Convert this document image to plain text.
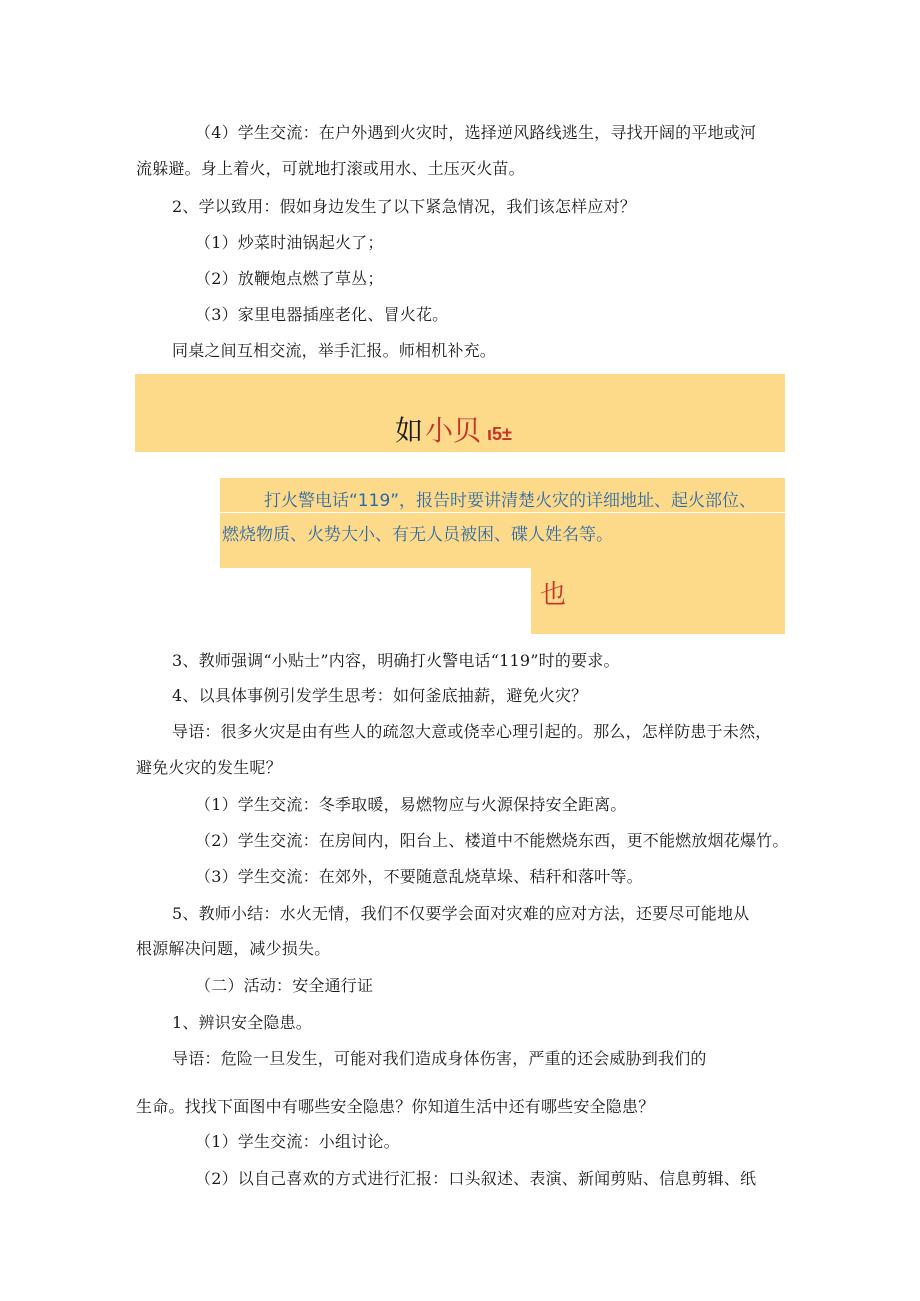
（4）学生交流：在户外遇到火灾时，选择逆风路线逃生，寻找开阔的平地或河
流躲避。身上着火，可就地打滚或用水、土压灭火苗。
2、学以致用：假如身边发生了以下紧急情况，我们该怎样应对？
（1）炒菜时油锅起火了；
（2）放鞭炮点燃了草丛；
（3）家里电器插座老化、冒火花。
同桌之间互相交流，举手汇报。师相机补充。
如小贝 ι5±
打火警电话“119”，报告时要讲清楚火灾的详细地址、起火部位、
燃烧物质、火势大小、有无人员被困、碟人姓名等。
也
3、教师强调“小贴士”内容，明确打火警电话“119”时的要求。
4、以具体事例引发学生思考：如何釜底抽薪，避免火灾？
导语：很多火灾是由有些人的疏忽大意或侥幸心理引起的。那么，怎样防患于未然，
避免火灾的发生呢？
（1）学生交流：冬季取暖，易燃物应与火源保持安全距离。
（2）学生交流：在房间内，阳台上、楼道中不能燃烧东西，更不能燃放烟花爆竹。
（3）学生交流：在郊外，不要随意乱烧草垛、秸秆和落叶等。
5、教师小结：水火无情，我们不仅要学会面对灾难的应对方法，还要尽可能地从
根源解决问题，减少损失。
（二）活动：安全通行证
1、辨识安全隐患。
导语：危险一旦发生，可能对我们造成身体伤害，严重的还会威胁到我们的
生命。找找下面图中有哪些安全隐患？你知道生活中还有哪些安全隐患？
（1）学生交流：小组讨论。
（2）以自己喜欢的方式进行汇报：口头叙述、表演、新闻剪贴、信息剪辑、纸
